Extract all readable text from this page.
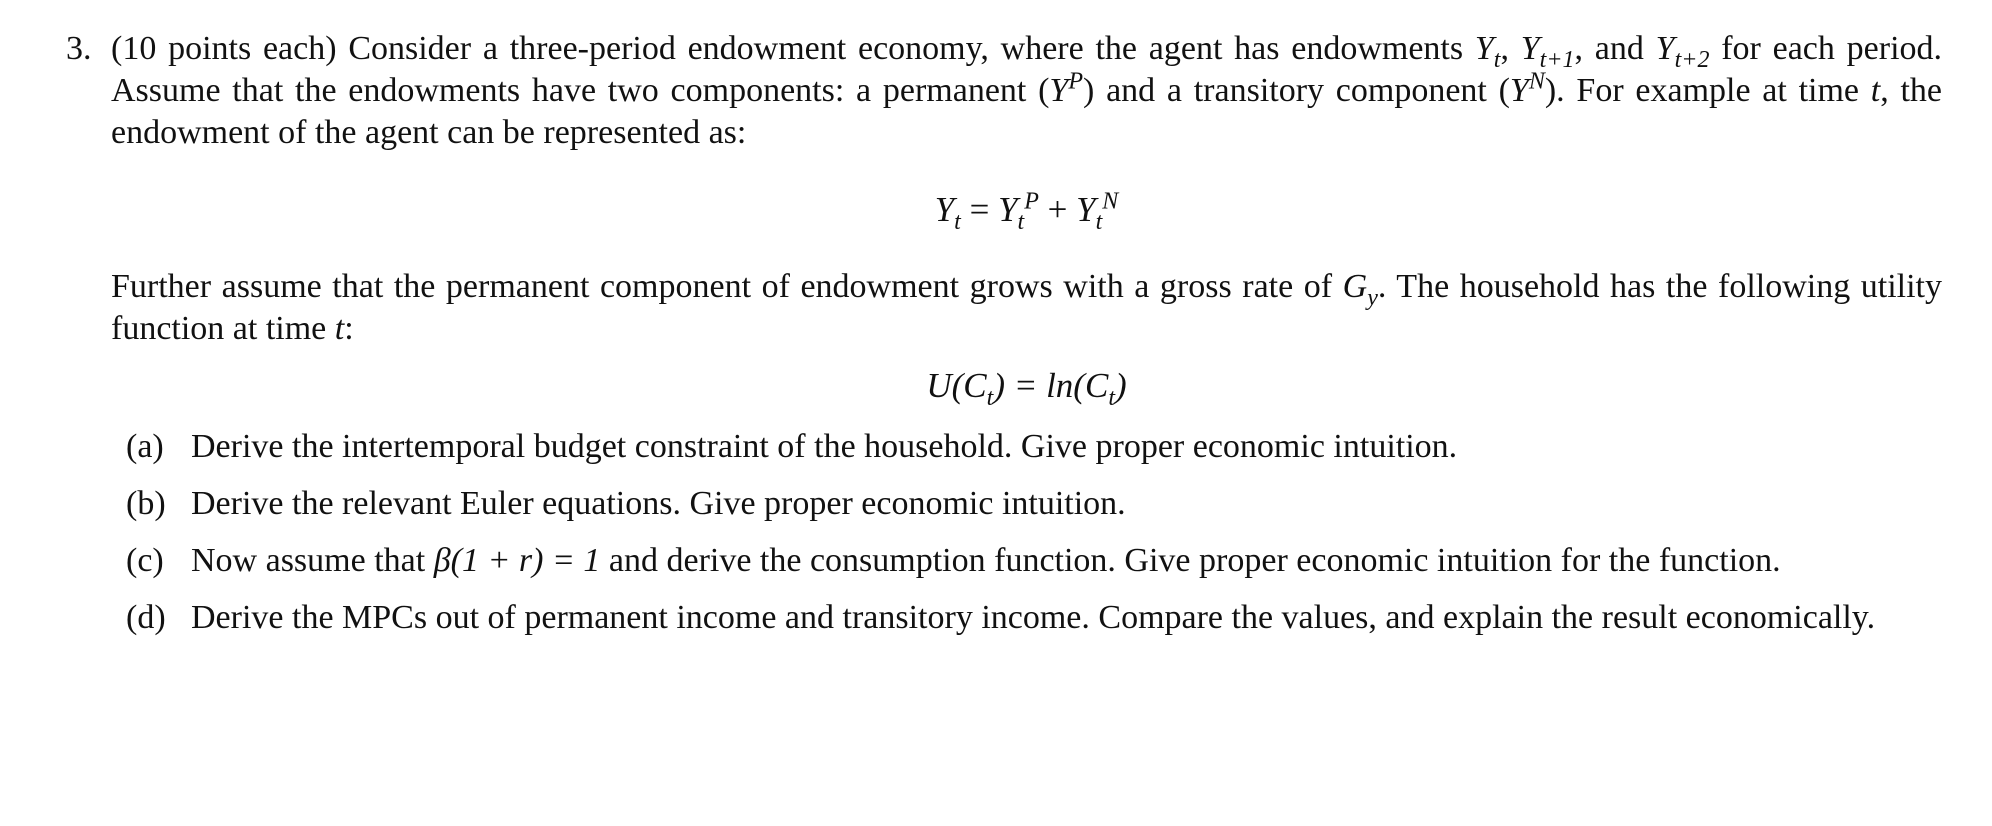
3. (10 points each) Consider a three-period endowment economy, where the agent has endowments $Y_t$, $Y_{t+1}$, and $Y_{t+2}$ for each period. Assume that the endowments have two components: a permanent $(Y^P)$ and a transitory component $(Y^N)$. For example at time t, the endowment of the agent can be represented as:

$Y_t = Y_t^P + Y_t^N$

Further assume that the permanent component of endowment grows with a gross rate of $G_y$. The household has the following utility function at time t:

$U(C_t) = \ln(C_t)$

(a) Derive the intertemporal budget constraint of the household. Give proper economic intuition.
(b) Derive the relevant Euler equations. Give proper economic intuition.
(c) Now assume that β(1 + r) = 1 and derive the consumption function. Give proper economic intuition for the function.
(d) Derive the MPCs out of permanent income and transitory income. Compare the values, and explain the result economically.
